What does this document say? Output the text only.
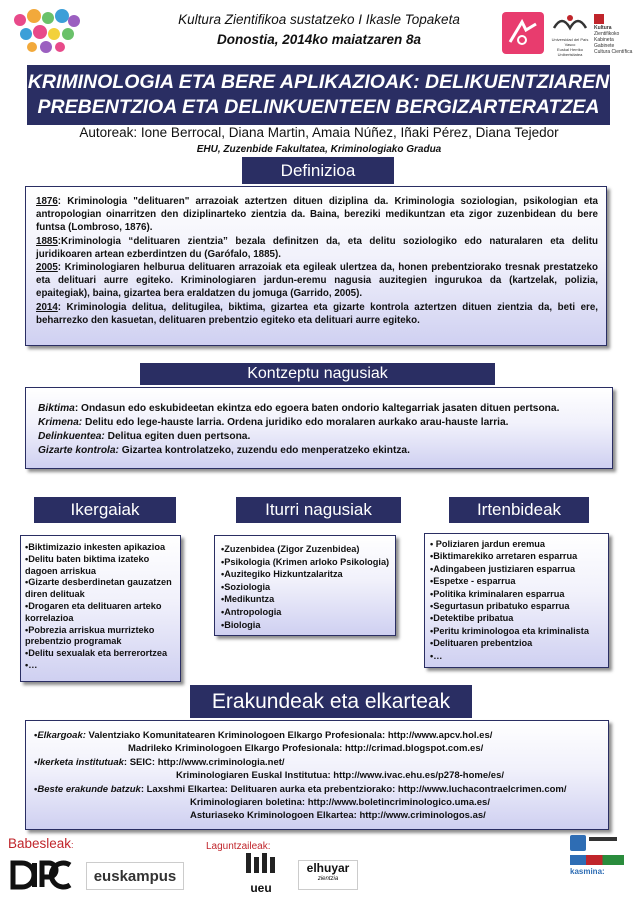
Kultura Zientifikoa sustatzeko I Ikasle Topaketa
Donostia, 2014ko maiatzaren 8a	Universidad del País Vasco
Euskal Herriko Unibertsitatea
Kultura
Zientifikoko Kabineta
Gabinete
Cultura Científica
KRIMINOLOGIA ETA BERE APLIKAZIOAK: DELIKUENTZIAREN
PREBENTZIOA ETA DELINKUENTEEN BERGIZARTERATZEA
Autoreak: Ione Berrocal, Diana Martin, Amaia Núñez, Iñaki Pérez, Diana Tejedor
EHU, Zuzenbide Fakultatea, Kriminologiako Gradua
Definizioa

1876: Kriminologia "delituaren" arrazoiak aztertzen dituen diziplina da. Kriminologia soziologian, psikologian eta antropologian oinarritzen den diziplinarteko zientzia da. Baina, bereziki medikuntzan eta zigor zuzenbidean du bere funtsa (Lombroso, 1876).

1885:Kriminologia “delituaren zientzia” bezala definitzen da, eta delitu soziologiko edo naturalaren eta delitu juridikoaren artean ezberdintzen du (Garófalo, 1885).

2005: Kriminologiaren helburua delituaren arrazoiak eta egileak ulertzea da, honen prebentziorako tresnak prestatzeko eta delituari aurre egiteko. Kriminologiaren jardun-eremu nagusia auzitegien ingurukoa da (kartzelak, polizia, epaitegiak), baina, gizartea bera eraldatzen du jomuga (Garrido, 2005).

2014: Kriminologia delitua, delitugilea, biktima, gizartea eta gizarte kontrola aztertzen dituen zientzia da, beti ere, beharrezko den kasuetan, delituaren prebentzio egiteko eta delituari aurre egiteko.

Kontzeptu nagusiak
Biktima: Ondasun edo eskubideetan ekintza edo egoera baten ondorio kaltegarriak jasaten dituen pertsona.
Krimena: Delitu edo lege-hauste larria. Ordena juridiko edo moralaren aurkako arau-hauste larria.
Delinkuentea: Delitua egiten duen pertsona.
Gizarte kontrola: Gizartea kontrolatzeko, zuzendu edo menperatzeko ekintza.
Ikergaiak	Iturri nagusiak	Irtenbideak
•Biktimizazio inkesten apikazioa
•Delitu baten biktima izateko dagoen arriskua
•Gizarte desberdinetan gauzatzen diren delituak
•Drogaren eta delituaren arteko korrelazioa
•Pobrezia arriskua murrizteko prebentzio programak
•Delitu sexualak eta berrerortzea
•…
•Zuzenbidea (Zigor Zuzenbidea)
•Psikologia (Krimen arloko Psikologia)
•Auzitegiko Hizkuntzalaritza
•Soziologia
•Medikuntza
•Antropologia
•Biologia
• Poliziaren jardun eremua
•Biktimarekiko arretaren esparrua
•Adingabeen justiziaren esparrua
•Espetxe - esparrua
•Politika kriminalaren esparrua
•Segurtasun pribatuko esparrua
•Detektibe pribatua
•Peritu kriminologoa eta kriminalista
•Delituaren prebentzioa
•…
Erakundeak eta elkarteak
•Elkargoak: Valentziako Komunitatearen Kriminologoen Elkargo Profesionala: http://www.apcv.hol.es/
Madrileko Kriminologoen Elkargo Profesionala: http://crimad.blogspot.com.es/
•Ikerketa institutuak: SEIC: http://www.criminologia.net/
Kriminologiaren Euskal Institutua: http://www.ivac.ehu.es/p278-home/es/
•Beste erakunde batzuk: Laxshmi Elkartea: Delituaren aurka eta prebentziorako: http://www.luchacontraelcrimen.com/
Kriminologiaren boletina: http://www.boletincriminologico.uma.es/
Asturiaseko Kriminologoen Elkartea: http://www.criminologos.as/
Babesleak:	Laguntzaileak:
euskampus
ueu
elhuyar
zientzia
kasmina:
